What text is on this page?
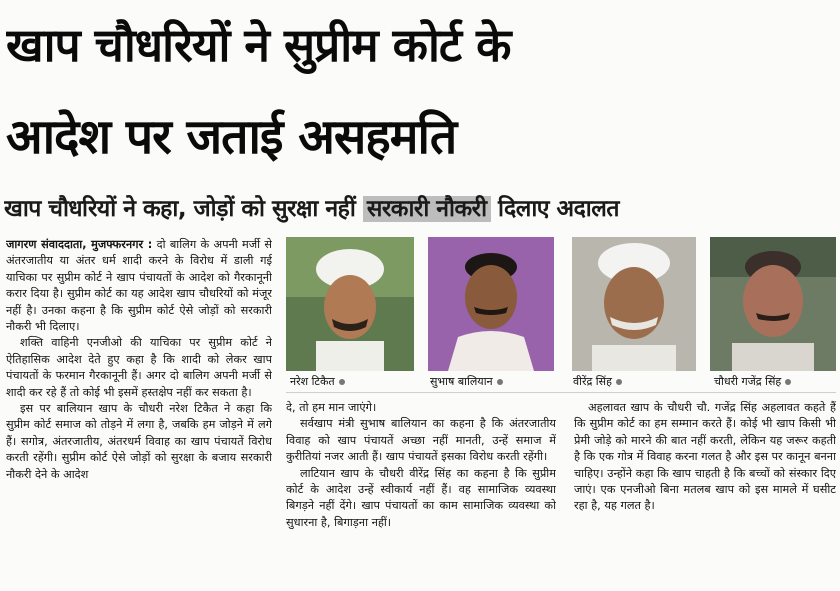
खाप चौधरियों ने सुप्रीम कोर्ट के
आदेश पर जताई असहमति
खाप चौधरियों ने कहा, जोड़ों को सुरक्षा नहीं सरकारी नौकरी दिलाए अदालत

जागरण संवाददाता, मुजफ्फरनगर : दो बालिग के अपनी मर्जी से अंतरजातीय या अंतर धर्म शादी करने के विरोध में डाली गई याचिका पर सुप्रीम कोर्ट ने खाप पंचायतों के आदेश को गैरकानूनी करार दिया है। सुप्रीम कोर्ट का यह आदेश खाप चौधरियों को मंजूर नहीं है। उनका कहना है कि सुप्रीम कोर्ट ऐसे जोड़ों को सरकारी नौकरी भी दिलाए।

शक्ति वाहिनी एनजीओ की याचिका पर सुप्रीम कोर्ट ने ऐतिहासिक आदेश देते हुए कहा है कि शादी को लेकर खाप पंचायतों के फरमान गैरकानूनी हैं। अगर दो बालिग अपनी मर्जी से शादी कर रहे हैं तो कोई भी इसमें हस्तक्षेप नहीं कर सकता है।

इस पर बालियान खाप के चौधरी नरेश टिकैत ने कहा कि सुप्रीम कोर्ट समाज को तोड़ने में लगा है, जबकि हम जोड़ने में लगे हैं। सगोत्र, अंतरजातीय, अंतरधर्म विवाह का खाप पंचायतें विरोध करती रहेंगी। सुप्रीम कोर्ट ऐसे जोड़ों को सुरक्षा के बजाय सरकारी नौकरी देने के आदेश

नरेश टिकैत	सुभाष बालियान	वीरेंद्र सिंह	चौधरी गजेंद्र सिंह

दे, तो हम मान जाएंगे।

सर्वखाप मंत्री सुभाष बालियान का कहना है कि अंतरजातीय विवाह को खाप पंचायतें अच्छा नहीं मानती, उन्हें समाज में कुरीतियां नजर आती हैं। खाप पंचायतें इसका विरोध करती रहेंगी।

लाटियान खाप के चौधरी वीरेंद्र सिंह का कहना है कि सुप्रीम कोर्ट के आदेश उन्हें स्वीकार्य नहीं हैं। वह सामाजिक व्यवस्था बिगड़ने नहीं देंगे। खाप पंचायतों का काम सामाजिक व्यवस्था को सुधारना है, बिगाड़ना नहीं।

अहलावत खाप के चौधरी चौ. गजेंद्र सिंह अहलावत कहते हैं कि सुप्रीम कोर्ट का हम सम्मान करते हैं। कोई भी खाप किसी भी प्रेमी जोड़े को मारने की बात नहीं करती, लेकिन यह जरूर कहती है कि एक गोत्र में विवाह करना गलत है और इस पर कानून बनना चाहिए। उन्होंने कहा कि खाप चाहती है कि बच्चों को संस्कार दिए जाएं। एक एनजीओ बिना मतलब खाप को इस मामले में घसीट रहा है, यह गलत है।
